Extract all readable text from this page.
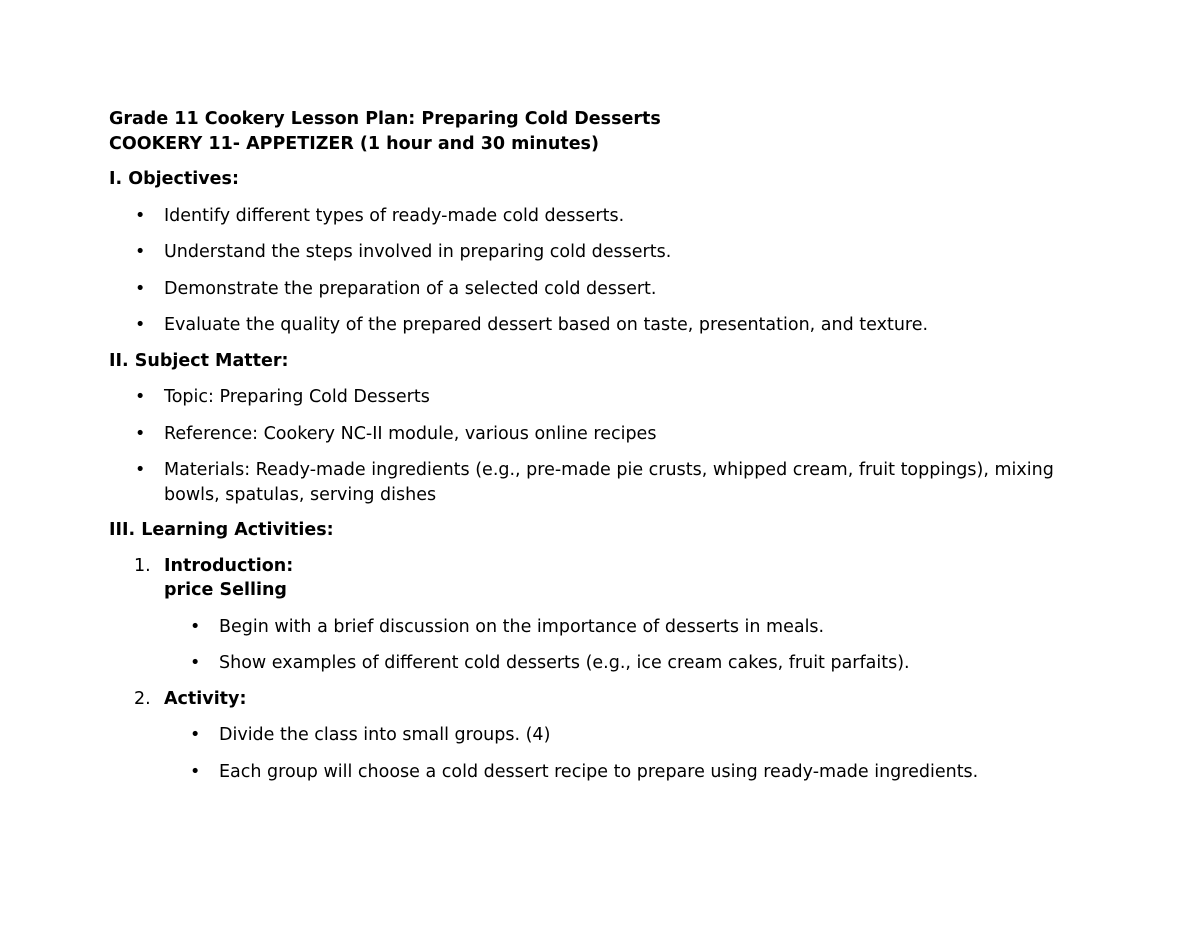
Grade 11 Cookery Lesson Plan: Preparing Cold Desserts
COOKERY 11- APPETIZER (1 hour and 30 minutes)
I. Objectives:
• Identify different types of ready-made cold desserts.
• Understand the steps involved in preparing cold desserts.
• Demonstrate the preparation of a selected cold dessert.
• Evaluate the quality of the prepared dessert based on taste, presentation, and texture.
II. Subject Matter:
• Topic: Preparing Cold Desserts
• Reference: Cookery NC-II module, various online recipes
• Materials: Ready-made ingredients (e.g., pre-made pie crusts, whipped cream, fruit toppings), mixing bowls, spatulas, serving dishes
III. Learning Activities:
1. Introduction:
price Selling
• Begin with a brief discussion on the importance of desserts in meals.
• Show examples of different cold desserts (e.g., ice cream cakes, fruit parfaits).
2. Activity:
• Divide the class into small groups. (4)
• Each group will choose a cold dessert recipe to prepare using ready-made ingredients.
